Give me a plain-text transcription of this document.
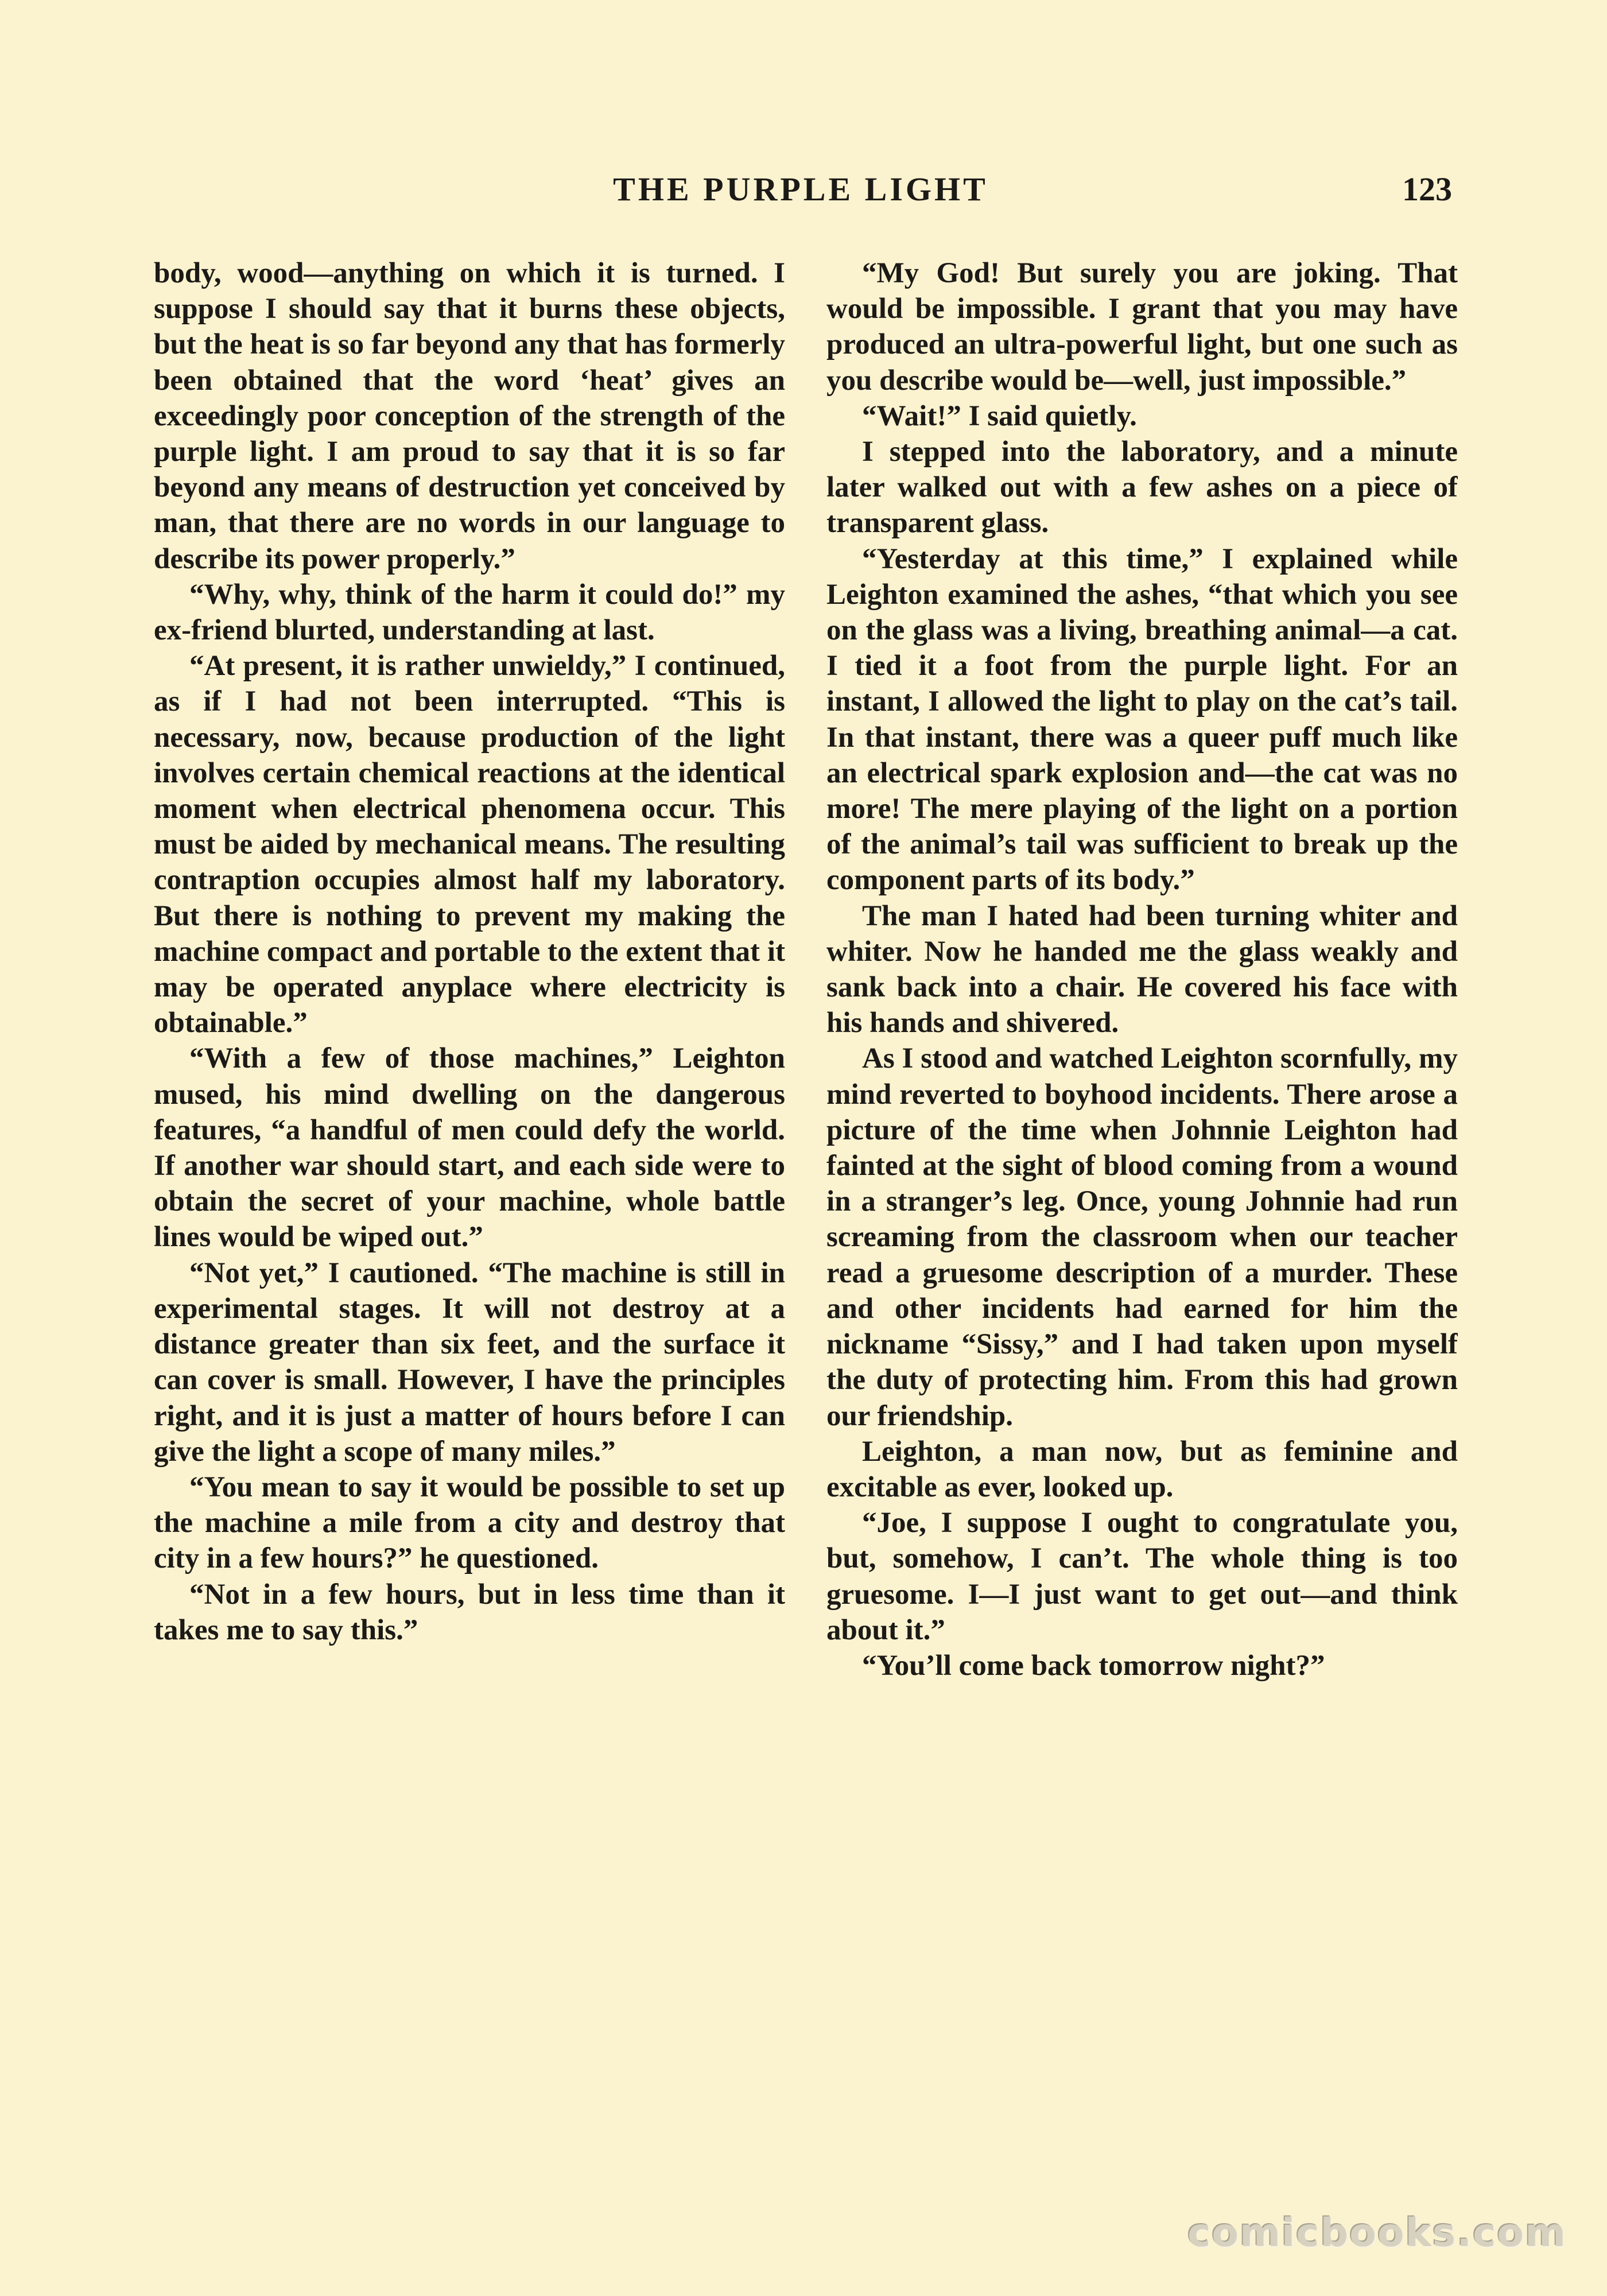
THE PURPLE LIGHT	123

body, wood—anything on which it is turned. I suppose I should say that it burns these objects, but the heat is so far beyond any that has formerly been obtained that the word ‘heat’ gives an exceedingly poor conception of the strength of the purple light. I am proud to say that it is so far beyond any means of destruction yet conceived by man, that there are no words in our language to describe its power properly.”

“Why, why, think of the harm it could do!” my ex-friend blurted, understanding at last.

“At present, it is rather unwieldy,” I continued, as if I had not been interrupted. “This is necessary, now, because production of the light involves certain chemical reactions at the identical moment when electrical phenomena occur. This must be aided by mechanical means. The resulting contraption occupies almost half my laboratory. But there is nothing to prevent my making the machine compact and portable to the extent that it may be operated anyplace where electricity is obtainable.”

“With a few of those machines,” Leighton mused, his mind dwelling on the dangerous features, “a handful of men could defy the world. If another war should start, and each side were to obtain the secret of your machine, whole battle lines would be wiped out.”

“Not yet,” I cautioned. “The machine is still in experimental stages. It will not destroy at a distance greater than six feet, and the surface it can cover is small. However, I have the principles right, and it is just a matter of hours before I can give the light a scope of many miles.”

“You mean to say it would be possible to set up the machine a mile from a city and destroy that city in a few hours?” he questioned.

“Not in a few hours, but in less time than it takes me to say this.”

“My God! But surely you are joking. That would be impossible. I grant that you may have produced an ultra-powerful light, but one such as you describe would be—well, just impossible.”

“Wait!” I said quietly.

I stepped into the laboratory, and a minute later walked out with a few ashes on a piece of transparent glass.

“Yesterday at this time,” I explained while Leighton examined the ashes, “that which you see on the glass was a living, breathing animal—a cat. I tied it a foot from the purple light. For an instant, I allowed the light to play on the cat’s tail. In that instant, there was a queer puff much like an electrical spark explosion and—the cat was no more! The mere playing of the light on a portion of the animal’s tail was sufficient to break up the component parts of its body.”

The man I hated had been turning whiter and whiter. Now he handed me the glass weakly and sank back into a chair. He covered his face with his hands and shivered.

As I stood and watched Leighton scornfully, my mind reverted to boyhood incidents. There arose a picture of the time when Johnnie Leighton had fainted at the sight of blood coming from a wound in a stranger’s leg. Once, young Johnnie had run screaming from the classroom when our teacher read a gruesome description of a murder. These and other incidents had earned for him the nickname “Sissy,” and I had taken upon myself the duty of protecting him. From this had grown our friendship.

Leighton, a man now, but as feminine and excitable as ever, looked up.

“Joe, I suppose I ought to congratulate you, but, somehow, I can’t. The whole thing is too gruesome. I—I just want to get out—and think about it.”

“You’ll come back tomorrow night?”

comicbooks.com
